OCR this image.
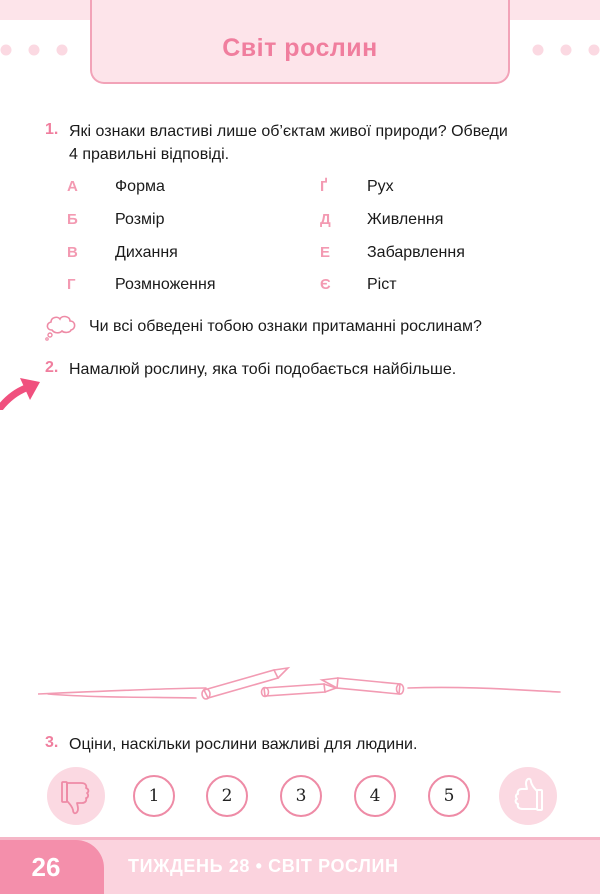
Світ рослин
1. Які ознаки властиві лише об’єктам живої природи? Обведи
4 правильні відповіді.
А Форма
Б Розмір
В Дихання
Г Розмноження
Ґ Рух
Д Живлення
Е Забарвлення
Є Ріст
Чи всі обведені тобою ознаки притаманні рослинам?
2. Намалюй рослину, яка тобі подобається найбільше.
3. Оціни, наскільки рослини важливі для людини.
1	2	3	4	5
26	ТИЖДЕНЬ 28 • СВІТ РОСЛИН
